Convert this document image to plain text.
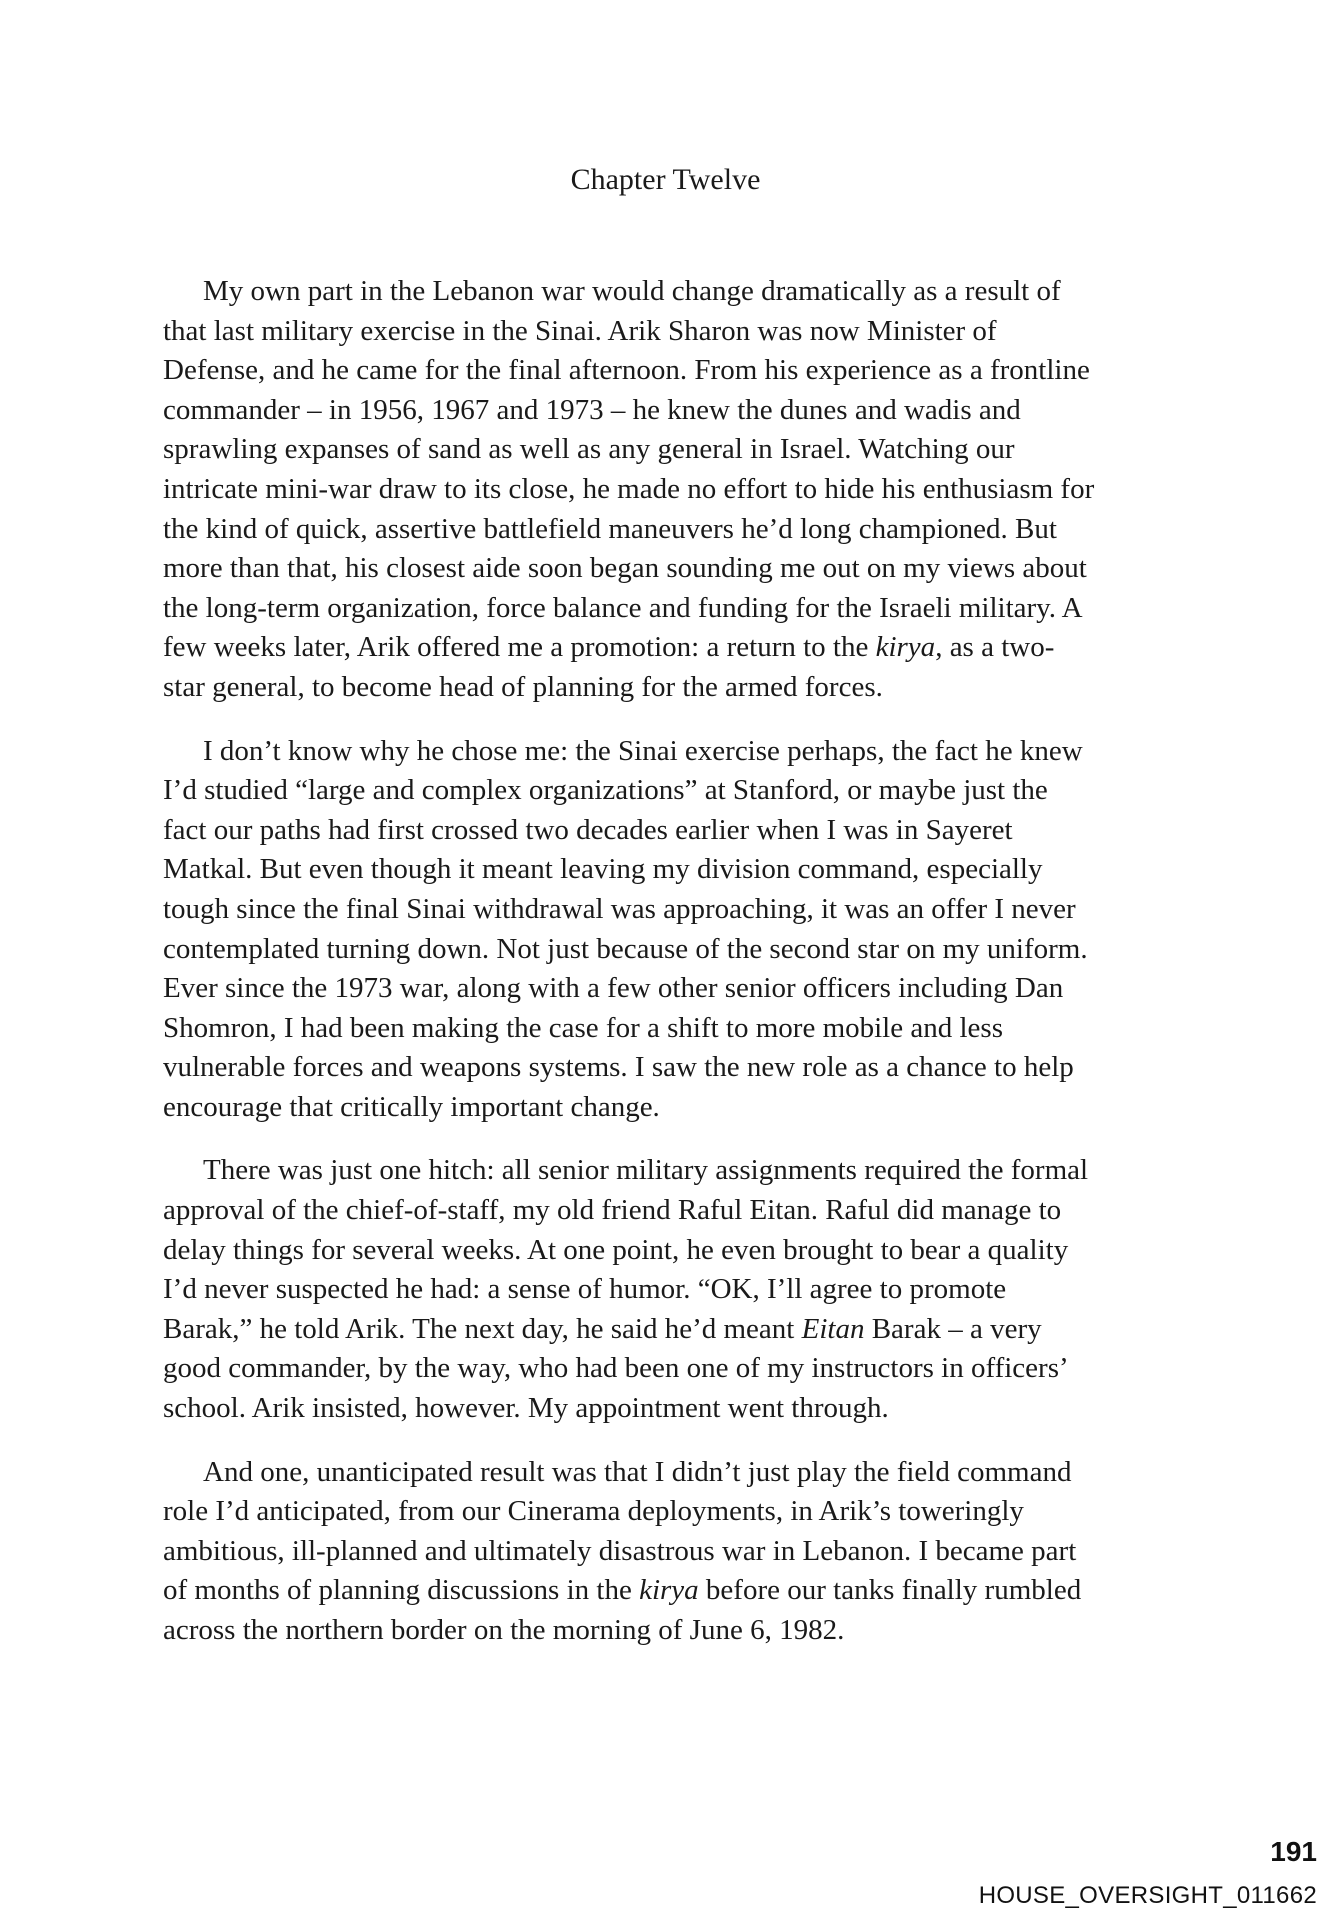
Chapter Twelve

My own part in the Lebanon war would change dramatically as a result of
that last military exercise in the Sinai. Arik Sharon was now Minister of
Defense, and he came for the final afternoon. From his experience as a frontline
commander – in 1956, 1967 and 1973 – he knew the dunes and wadis and
sprawling expanses of sand as well as any general in Israel. Watching our
intricate mini-war draw to its close, he made no effort to hide his enthusiasm for
the kind of quick, assertive battlefield maneuvers he’d long championed. But
more than that, his closest aide soon began sounding me out on my views about
the long-term organization, force balance and funding for the Israeli military. A
few weeks later, Arik offered me a promotion: a return to the kirya, as a two-
star general, to become head of planning for the armed forces.

I don’t know why he chose me: the Sinai exercise perhaps, the fact he knew
I’d studied “large and complex organizations” at Stanford, or maybe just the
fact our paths had first crossed two decades earlier when I was in Sayeret
Matkal. But even though it meant leaving my division command, especially
tough since the final Sinai withdrawal was approaching, it was an offer I never
contemplated turning down. Not just because of the second star on my uniform.
Ever since the 1973 war, along with a few other senior officers including Dan
Shomron, I had been making the case for a shift to more mobile and less
vulnerable forces and weapons systems. I saw the new role as a chance to help
encourage that critically important change.

There was just one hitch: all senior military assignments required the formal
approval of the chief-of-staff, my old friend Raful Eitan. Raful did manage to
delay things for several weeks. At one point, he even brought to bear a quality
I’d never suspected he had: a sense of humor. “OK, I’ll agree to promote
Barak,” he told Arik. The next day, he said he’d meant Eitan Barak – a very
good commander, by the way, who had been one of my instructors in officers’
school. Arik insisted, however. My appointment went through.

And one, unanticipated result was that I didn’t just play the field command
role I’d anticipated, from our Cinerama deployments, in Arik’s toweringly
ambitious, ill-planned and ultimately disastrous war in Lebanon. I became part
of months of planning discussions in the kirya before our tanks finally rumbled
across the northern border on the morning of June 6, 1982.

191
HOUSE_OVERSIGHT_011662
